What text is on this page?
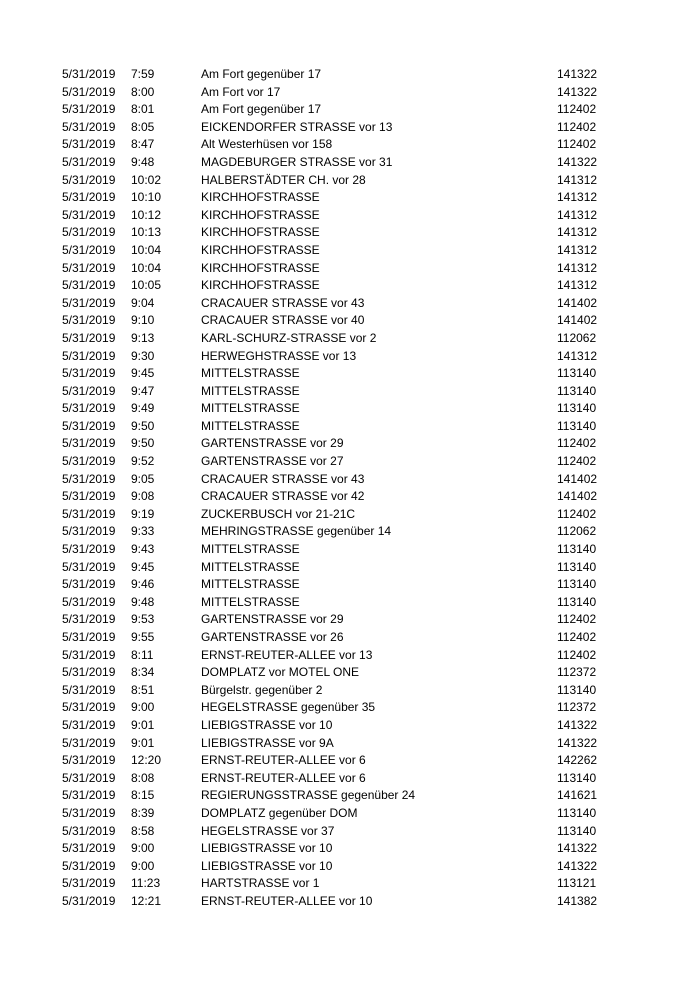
5/31/2019 7:59	Am Fort gegenüber 17	141322
5/31/2019 8:00	Am Fort vor 17	141322
5/31/2019 8:01	Am Fort gegenüber 17	112402
5/31/2019 8:05	EICKENDORFER STRASSE vor 13	112402
5/31/2019 8:47	Alt Westerhüsen vor 158	112402
5/31/2019 9:48	MAGDEBURGER STRASSE vor 31	141322
5/31/2019 10:02	HALBERSTÄDTER CH. vor 28	141312
5/31/2019 10:10	KIRCHHOFSTRASSE	141312
5/31/2019 10:12	KIRCHHOFSTRASSE	141312
5/31/2019 10:13	KIRCHHOFSTRASSE	141312
5/31/2019 10:04	KIRCHHOFSTRASSE	141312
5/31/2019 10:04	KIRCHHOFSTRASSE	141312
5/31/2019 10:05	KIRCHHOFSTRASSE	141312
5/31/2019 9:04	CRACAUER STRASSE vor 43	141402
5/31/2019 9:10	CRACAUER STRASSE vor 40	141402
5/31/2019 9:13	KARL-SCHURZ-STRASSE vor 2	112062
5/31/2019 9:30	HERWEGHSTRASSE vor 13	141312
5/31/2019 9:45	MITTELSTRASSE	113140
5/31/2019 9:47	MITTELSTRASSE	113140
5/31/2019 9:49	MITTELSTRASSE	113140
5/31/2019 9:50	MITTELSTRASSE	113140
5/31/2019 9:50	GARTENSTRASSE vor 29	112402
5/31/2019 9:52	GARTENSTRASSE vor 27	112402
5/31/2019 9:05	CRACAUER STRASSE vor 43	141402
5/31/2019 9:08	CRACAUER STRASSE vor 42	141402
5/31/2019 9:19	ZUCKERBUSCH vor 21-21C	112402
5/31/2019 9:33	MEHRINGSTRASSE gegenüber 14	112062
5/31/2019 9:43	MITTELSTRASSE	113140
5/31/2019 9:45	MITTELSTRASSE	113140
5/31/2019 9:46	MITTELSTRASSE	113140
5/31/2019 9:48	MITTELSTRASSE	113140
5/31/2019 9:53	GARTENSTRASSE vor 29	112402
5/31/2019 9:55	GARTENSTRASSE vor 26	112402
5/31/2019 8:11	ERNST-REUTER-ALLEE vor 13	112402
5/31/2019 8:34	DOMPLATZ vor MOTEL ONE	112372
5/31/2019 8:51	Bürgelstr. gegenüber 2	113140
5/31/2019 9:00	HEGELSTRASSE gegenüber 35	112372
5/31/2019 9:01	LIEBIGSTRASSE vor 10	141322
5/31/2019 9:01	LIEBIGSTRASSE vor 9A	141322
5/31/2019 12:20	ERNST-REUTER-ALLEE vor 6	142262
5/31/2019 8:08	ERNST-REUTER-ALLEE vor 6	113140
5/31/2019 8:15	REGIERUNGSSTRASSE gegenüber 24	141621
5/31/2019 8:39	DOMPLATZ gegenüber DOM	113140
5/31/2019 8:58	HEGELSTRASSE vor 37	113140
5/31/2019 9:00	LIEBIGSTRASSE vor 10	141322
5/31/2019 9:00	LIEBIGSTRASSE vor 10	141322
5/31/2019 11:23	HARTSTRASSE vor 1	113121
5/31/2019 12:21	ERNST-REUTER-ALLEE vor 10	141382
